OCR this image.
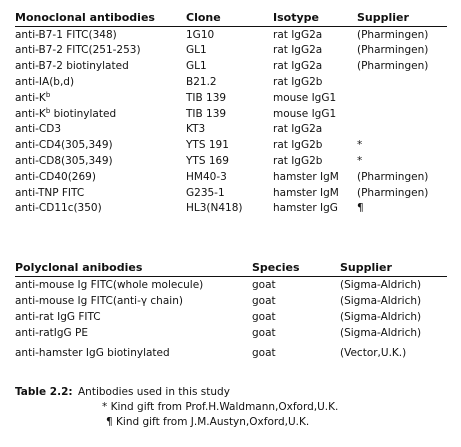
Monoclonal antibodies	Clone	Isotype	Supplier
anti-B7-1 FITC(348)	1G10	rat IgG2a	(Pharmingen)
anti-B7-2 FITC(251-253)	GL1	rat IgG2a	(Pharmingen)
anti-B7-2 biotinylated	GL1	rat IgG2a	(Pharmingen)
anti-IA(b,d)	B21.2	rat IgG2b	
anti-$K^b$	TIB 139	mouse IgG1	
anti-$K^b$ biotinylated	TIB 139	mouse IgG1	
anti-CD3	KT3	rat IgG2a	
anti-CD4(305,349)	YTS 191	rat IgG2b	*
anti-CD8(305,349)	YTS 169	rat IgG2b	*
anti-CD40(269)	HM40-3	hamster IgM	(Pharmingen)
anti-TNP FITC	G235-1	hamster IgM	(Pharmingen)
anti-CD11c(350)	HL3(N418)	hamster IgG	¶
Polyclonal anibodies	Species	Supplier
anti-mouse Ig FITC(whole molecule)	goat	(Sigma-Aldrich)
anti-mouse Ig FITC(anti-γ chain)	goat	(Sigma-Aldrich)
anti-rat IgG FITC	goat	(Sigma-Aldrich)
anti-ratIgG PE	goat	(Sigma-Aldrich)
anti-hamster IgG biotinylated	goat	(Vector,U.K.)
Table 2.2: Antibodies used in this study
* Kind gift from Prof.H.Waldmann,Oxford,U.K.
¶ Kind gift from J.M.Austyn,Oxford,U.K.
